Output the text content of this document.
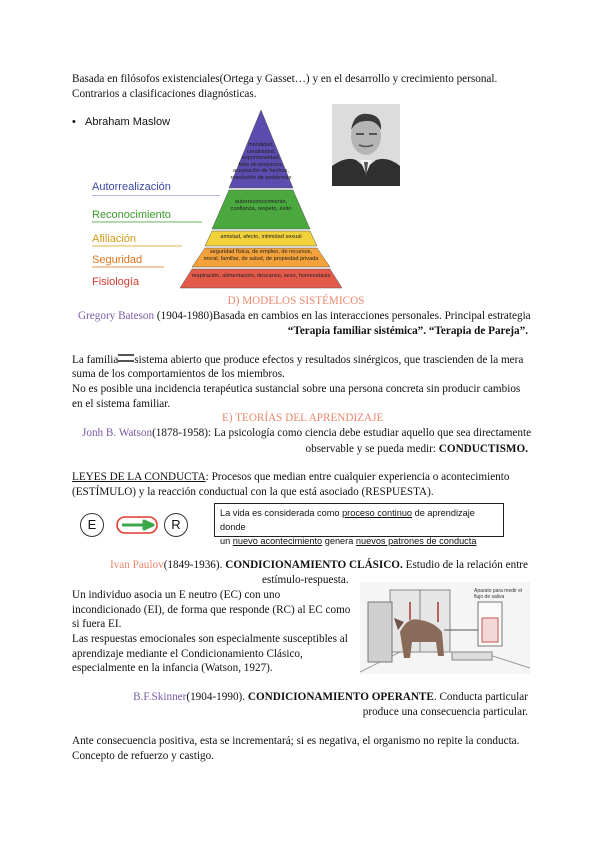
Basada en filósofos existenciales(Ortega y Gasset…) y en el desarrollo y crecimiento personal.

Contrarios a clasificaciones diagnósticas.

• Abraham Maslow
moralidad,
creatividad,
espontaneidad,
falta de prejuicios,
aceptación de hechos,
resolución de problemas
autorreconocimiento,
confianza, respeto, éxito
amistad, afecto, intimidad sexual
seguridad física, de empleo, de recursos,
moral, familiar, de salud, de propiedad privada
respiración, alimentación, descanso, sexo, homeostasis
Autorrealización
Reconocimiento
Afiliación
Seguridad
Fisiología

D) MODELOS SISTÉMICOS

Gregory Bateson (1904-1980)Basada en cambios en las interacciones personales. Principal estrategia

“Terapia familiar sistémica”. “Terapia de Pareja”.

La familia sistema abierto que produce efectos y resultados sinérgicos, que trascienden de la mera

suma de los comportamientos de los miembros.

No es posible una incidencia terapéutica sustancial sobre una persona concreta sin producir cambios

en el sistema familiar.

E) TEORÍAS DEL APRENDIZAJE

Jonh B. Watson(1878-1958): La psicología como ciencia debe estudiar aquello que sea directamente

observable y se pueda medir: CONDUCTISMO.

LEYES DE LA CONDUCTA: Procesos que median entre cualquier experiencia o acontecimiento

(ESTÍMULO) y la reacción conductual con la que está asociado (RESPUESTA).

E	R
La vida es considerada como proceso continuo de aprendizaje donde
un nuevo acontecimiento genera nuevos patrones de conducta

Ivan Paulov(1849-1936). CONDICIONAMIENTO CLÁSICO. Estudio de la relación entre

estímulo-respuesta.

Un individuo asocia un E neutro (EC) con uno

incondicionado (EI), de forma que responde (RC) al EC como

si fuera EI.

Las respuestas emocionales son especialmente susceptibles al

aprendizaje mediante el Condicionamiento Clásico,

especialmente en la infancia (Watson, 1927).

Aparato para medir el flujo de saliva

B.F.Skinner(1904-1990). CONDICIONAMIENTO OPERANTE. Conducta particular

produce una consecuencia particular.

Ante consecuencia positiva, esta se incrementará; si es negativa, el organismo no repite la conducta.

Concepto de refuerzo y castigo.
